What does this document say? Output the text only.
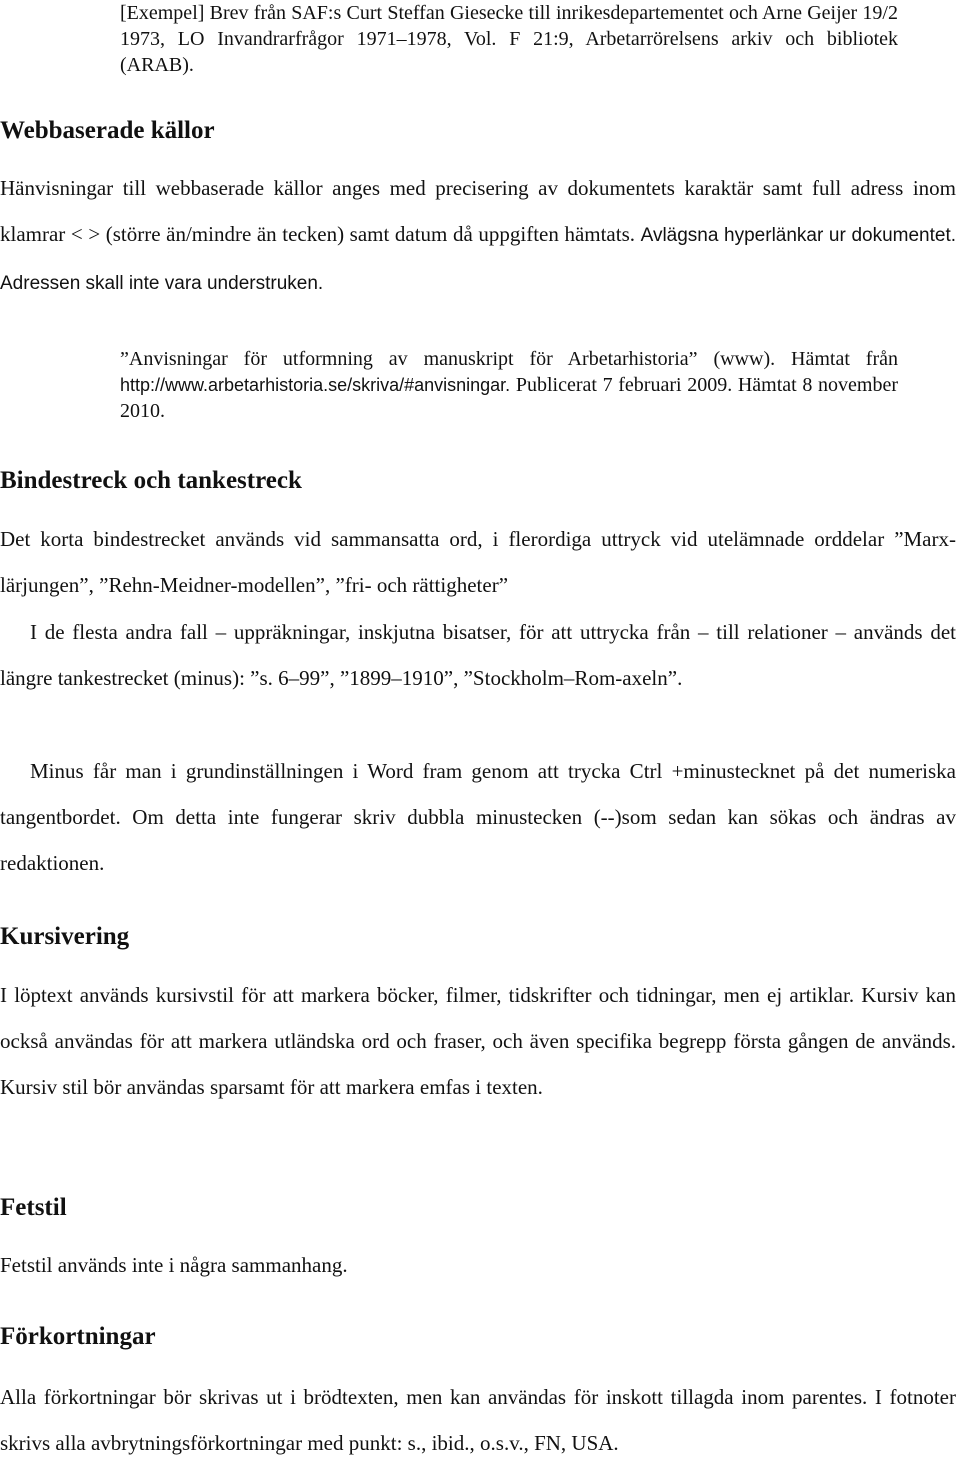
[Exempel] Brev från SAF:s Curt Steffan Giesecke till inrikesdepartementet och Arne Geijer 19/2 1973, LO Invandrarfrågor 1971–1978, Vol. F 21:9, Arbetarrörelsens arkiv och bibliotek (ARAB).

Webbaserade källor

Hänvisningar till webbaserade källor anges med precisering av dokumentets karaktär samt full adress inom klamrar < > (större än/mindre än tecken) samt datum då uppgiften hämtats. Avlägsna hyperlänkar ur dokumentet. Adressen skall inte vara understruken.

”Anvisningar för utformning av manuskript för Arbetarhistoria” (www). Hämtat från http://www.arbetarhistoria.se/skriva/#anvisningar. Publicerat 7 februari 2009. Hämtat 8 november 2010.

Bindestreck och tankestreck

Det korta bindestrecket används vid sammansatta ord, i flerordiga uttryck vid utelämnade orddelar ”Marx-lärjungen”, ”Rehn-Meidner-modellen”, ”fri- och rättigheter”

I de flesta andra fall – uppräkningar, inskjutna bisatser, för att uttrycka från – till relationer – används det längre tankestrecket (minus): ”s. 6–99”, ”1899–1910”, ”Stockholm–Rom-axeln”.

Minus får man i grundinställningen i Word fram genom att trycka Ctrl +minustecknet på det numeriska tangentbordet. Om detta inte fungerar skriv dubbla minustecken (--)som sedan kan sökas och ändras av redaktionen.

Kursivering

I löptext används kursivstil för att markera böcker, filmer, tidskrifter och tidningar, men ej artiklar. Kursiv kan också användas för att markera utländska ord och fraser, och även specifika begrepp första gången de används. Kursiv stil bör användas sparsamt för att markera emfas i texten.

Fetstil

Fetstil används inte i några sammanhang.

Förkortningar

Alla förkortningar bör skrivas ut i brödtexten, men kan användas för inskott tillagda inom parentes. I fotnoter skrivs alla avbrytningsförkortningar med punkt: s., ibid., o.s.v., FN, USA.
